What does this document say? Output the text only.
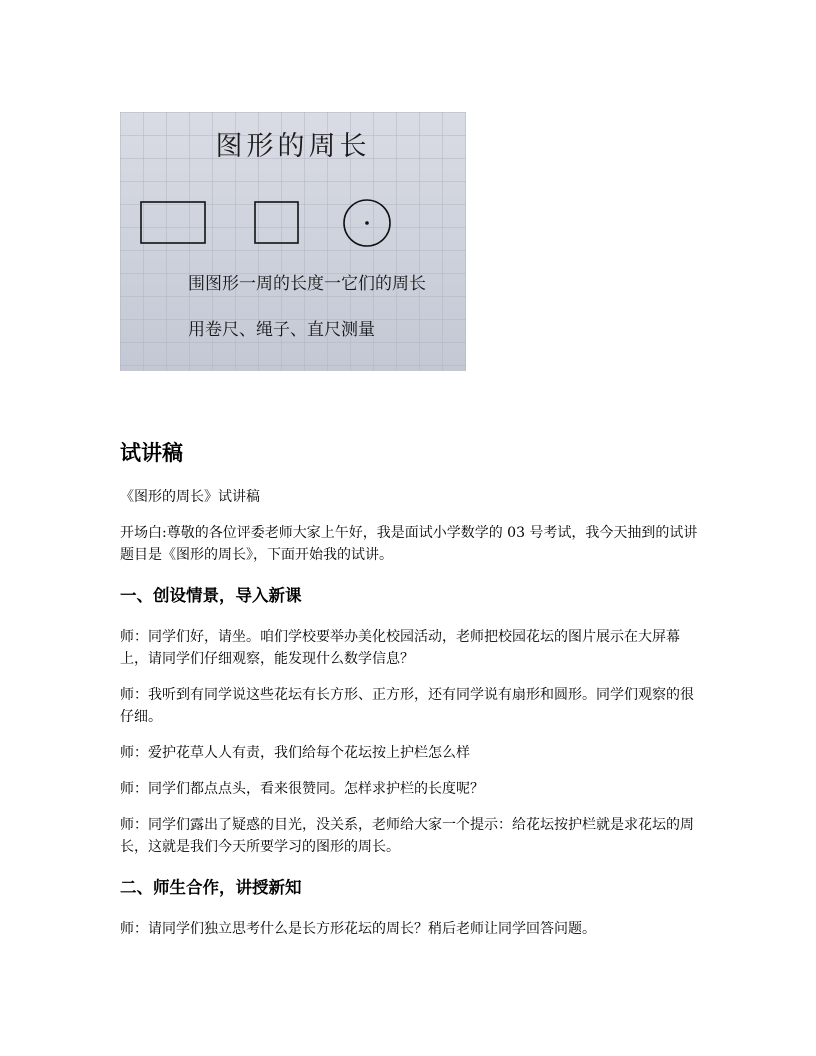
图形的周长
围图形一周的长度一它们的周长
用卷尺、绳子、直尺测量
试讲稿

《图形的周长》试讲稿

开场白:尊敬的各位评委老师大家上午好，我是面试小学数学的 03 号考试，我今天抽到的试讲题目是《图形的周长》，下面开始我的试讲。

一、创设情景，导入新课

师：同学们好，请坐。咱们学校要举办美化校园活动，老师把校园花坛的图片展示在大屏幕上，请同学们仔细观察，能发现什么数学信息？

师：我听到有同学说这些花坛有长方形、正方形，还有同学说有扇形和圆形。同学们观察的很仔细。

师：爱护花草人人有责，我们给每个花坛按上护栏怎么样

师：同学们都点点头，看来很赞同。怎样求护栏的长度呢？

师：同学们露出了疑惑的目光，没关系，老师给大家一个提示：给花坛按护栏就是求花坛的周长，这就是我们今天所要学习的图形的周长。

二、师生合作，讲授新知

师：请同学们独立思考什么是长方形花坛的周长？稍后老师让同学回答问题。
